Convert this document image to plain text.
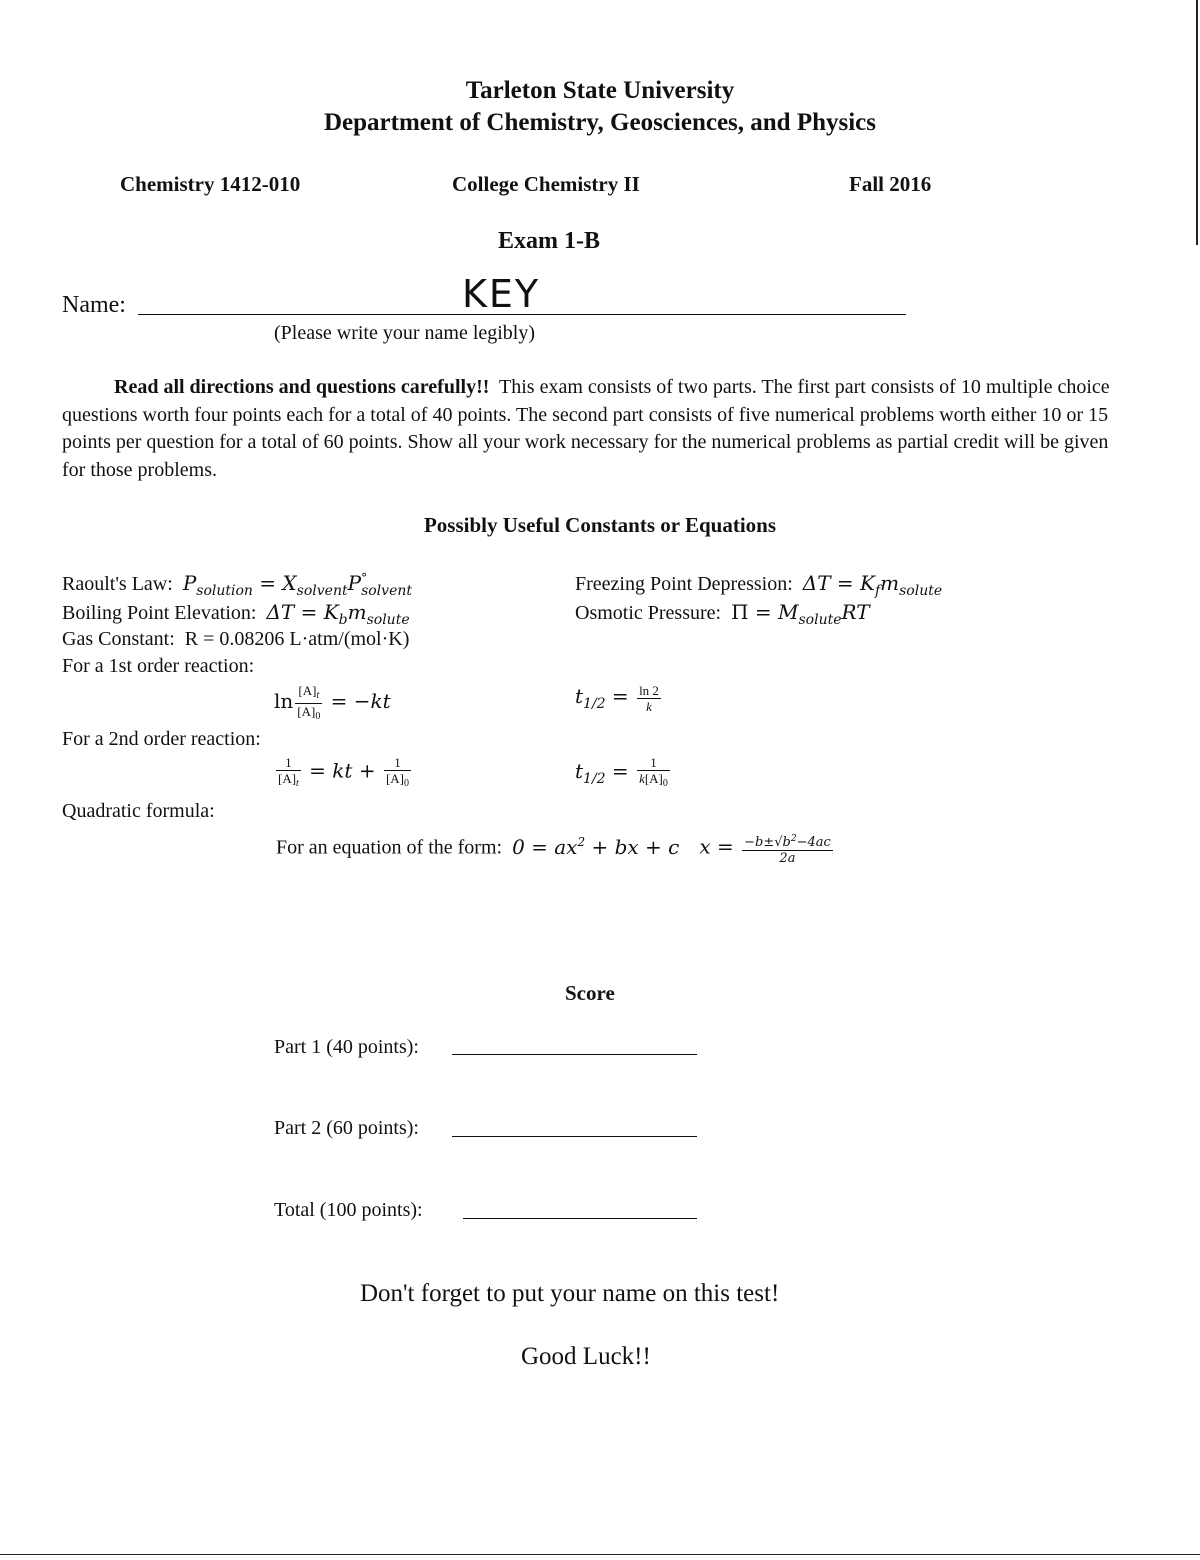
Tarleton State University
Department of Chemistry, Geosciences, and Physics
Chemistry 1412-010	College Chemistry II	Fall 2016
Exam 1-B
Name:	KEY
(Please write your name legibly)
Read all directions and questions carefully!! This exam consists of two parts. The first part consists of 10 multiple choice questions worth four points each for a total of 40 points. The second part consists of five numerical problems worth either 10 or 15 points per question for a total of 60 points. Show all your work necessary for the numerical problems as partial credit will be given for those problems.
Possibly Useful Constants or Equations
Raoult's Law: $P_{solution} = X_{solvent}P^\circ_{solvent}$	Freezing Point Depression: $\Delta T = K_fm_{solute}$
Boiling Point Elevation: $\Delta T = K_bm_{solute}$	Osmotic Pressure: $\Pi = M_{solute}RT$
Gas Constant: R = 0.08206 L·atm/(mol·K)
For a 1st order reaction:
$\ln \frac{[A]_t}{[A]_0} = -kt$	$t_{1/2} = \frac{\ln 2}{k}$
For a 2nd order reaction:
$\frac{1}{[A]_t}$ = kt + $\frac{1}{[A]_0}$	$t_{1/2} = \frac{1}{k[A]_0}$
Quadratic formula:
For an equation of the form: $0 = ax^2$ + bx + c $x = \frac{-b\pm√b^2-4ac}{2a}$
Score
Part 1 (40 points):
Part 2 (60 points):
Total (100 points):
Don't forget to put your name on this test!
Good Luck!!
